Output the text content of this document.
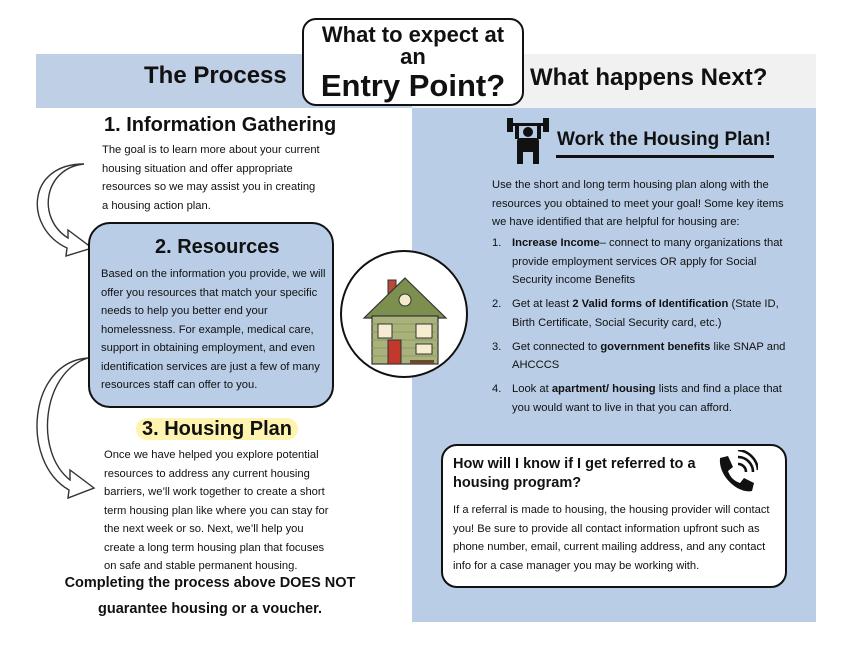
The Process	What happens Next?
What to expect at
an
Entry Point?
1. Information Gathering
The goal is to learn more about your current housing situation and offer appropriate resources so we may assist you in creating a housing action plan.
2. Resources
Based on the information you provide, we will offer you resources that match your specific needs to help you better end your homelessness. For example, medical care, support in obtaining employment, and even identification services are just a few of many resources staff can offer to you.
3. Housing Plan
Once we have helped you explore potential resources to address any current housing barriers, we’ll work together to create a short term housing plan like where you can stay for the next week or so. Next, we’ll help you create a long term housing plan that focuses on safe and stable permanent housing.
Completing the process above DOES NOT guarantee housing or a voucher.
Work the Housing Plan!
Use the short and long term housing plan along with the resources you obtained to meet your goal! Some key items we have identified that are helpful for housing are:
Increase Income– connect to many organizations that provide employment services OR apply for Social Security income Benefits
Get at least 2 Valid forms of Identification (State ID, Birth Certificate, Social Security card, etc.)
Get connected to government benefits like SNAP and AHCCCS
Look at apartment/ housing lists and find a place that you would want to live in that you can afford.
How will I know if I get referred to a housing program?
If a referral is made to housing, the housing provider will contact you! Be sure to provide all contact information upfront such as phone number, email, current mailing address, and any contact info for a case manager you may be working with.
